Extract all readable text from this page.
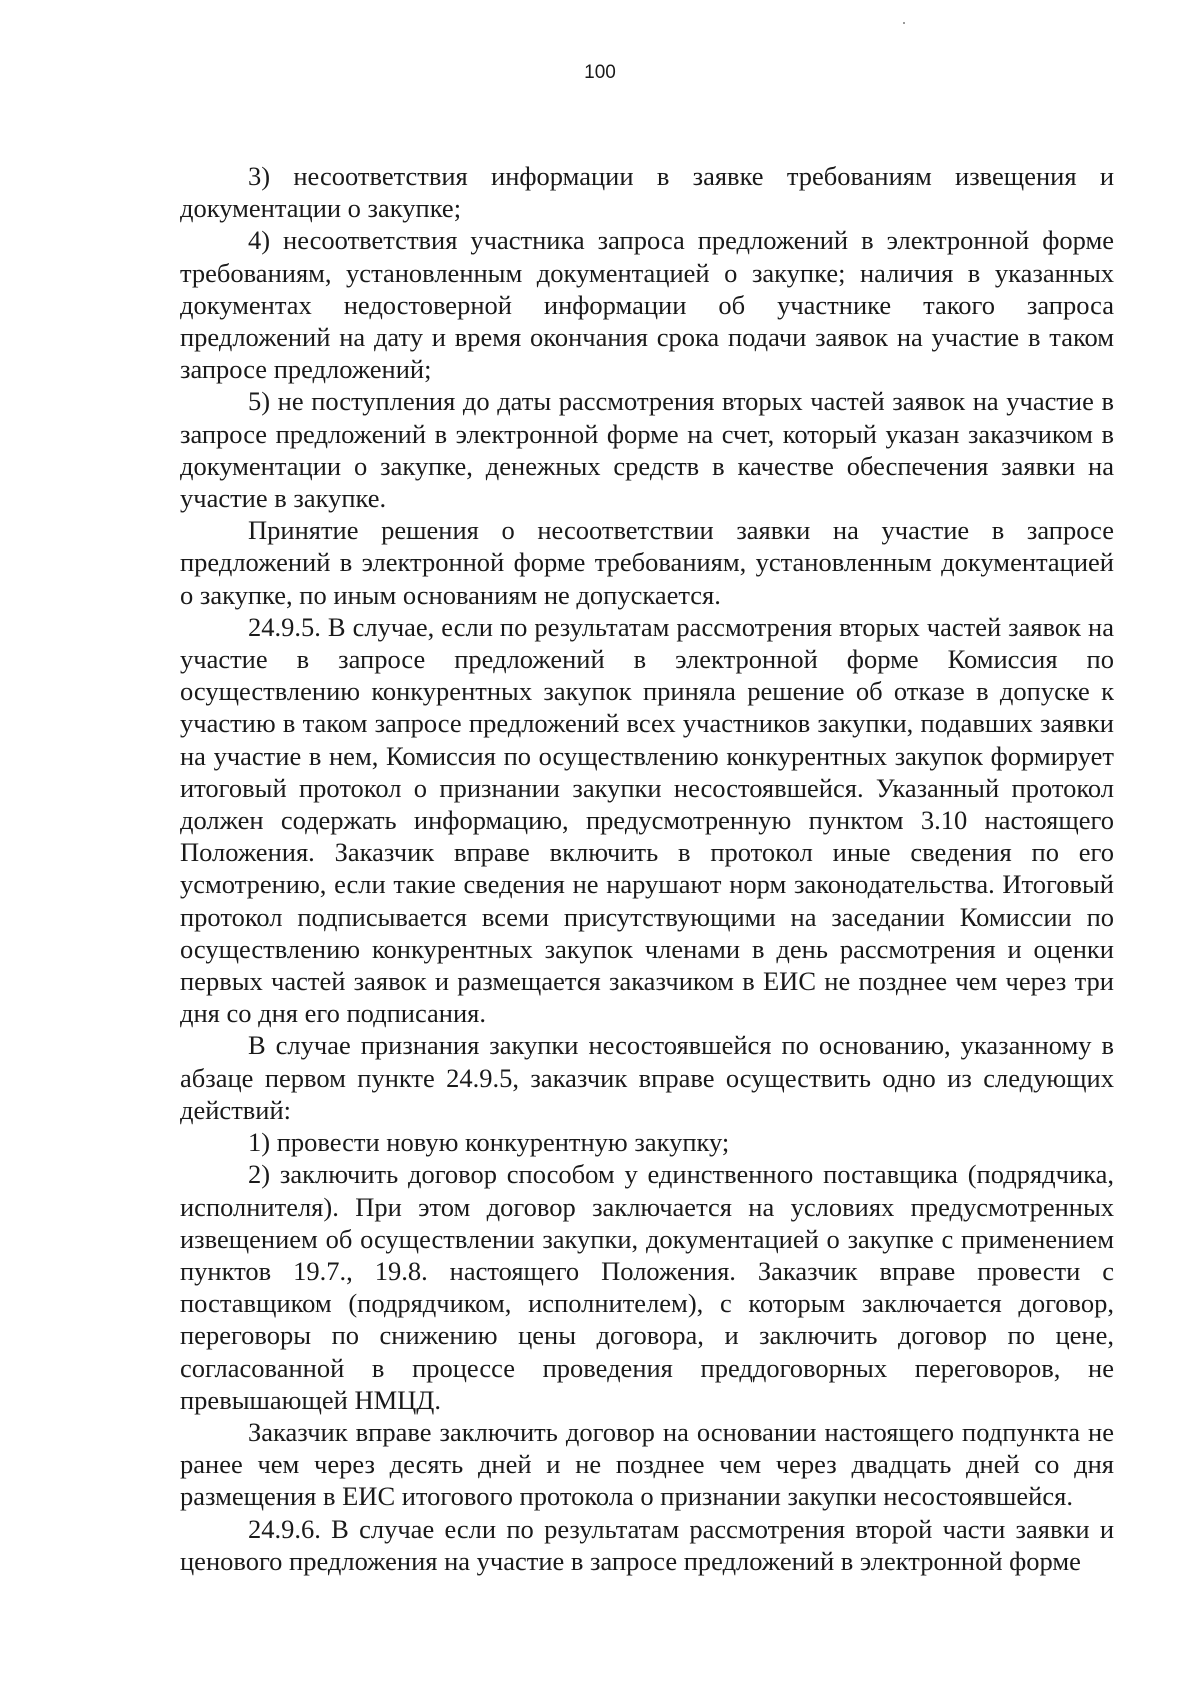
100

3) несоответствия информации в заявке требованиям извещения и документации о закупке;

4) несоответствия участника запроса предложений в электронной форме требованиям, установленным документацией о закупке; наличия в указанных документах недостоверной информации об участнике такого запроса предложений на дату и время окончания срока подачи заявок на участие в таком запросе предложений;

5) не поступления до даты рассмотрения вторых частей заявок на участие в запросе предложений в электронной форме на счет, который указан заказчиком в документации о закупке, денежных средств в качестве обеспечения заявки на участие в закупке.

Принятие решения о несоответствии заявки на участие в запросе предложений в электронной форме требованиям, установленным документацией о закупке, по иным основаниям не допускается.

24.9.5. В случае, если по результатам рассмотрения вторых частей заявок на участие в запросе предложений в электронной форме Комиссия по осуществлению конкурентных закупок приняла решение об отказе в допуске к участию в таком запросе предложений всех участников закупки, подавших заявки на участие в нем, Комиссия по осуществлению конкурентных закупок формирует итоговый протокол о признании закупки несостоявшейся. Указанный протокол должен содержать информацию, предусмотренную пунктом 3.10 настоящего Положения. Заказчик вправе включить в протокол иные сведения по его усмотрению, если такие сведения не нарушают норм законодательства. Итоговый протокол подписывается всеми присутствующими на заседании Комиссии по осуществлению конкурентных закупок членами в день рассмотрения и оценки первых частей заявок и размещается заказчиком в ЕИС не позднее чем через три дня со дня его подписания.

В случае признания закупки несостоявшейся по основанию, указанному в абзаце первом пункте 24.9.5, заказчик вправе осуществить одно из следующих действий:

1) провести новую конкурентную закупку;

2) заключить договор способом у единственного поставщика (подрядчика, исполнителя). При этом договор заключается на условиях предусмотренных извещением об осуществлении закупки, документацией о закупке с применением пунктов 19.7., 19.8. настоящего Положения. Заказчик вправе провести с поставщиком (подрядчиком, исполнителем), с которым заключается договор, переговоры по снижению цены договора, и заключить договор по цене, согласованной в процессе проведения преддоговорных переговоров, не превышающей НМЦД.

Заказчик вправе заключить договор на основании настоящего подпункта не ранее чем через десять дней и не позднее чем через двадцать дней со дня размещения в ЕИС итогового протокола о признании закупки несостоявшейся.

24.9.6. В случае если по результатам рассмотрения второй части заявки и ценового предложения на участие в запросе предложений в электронной форме
